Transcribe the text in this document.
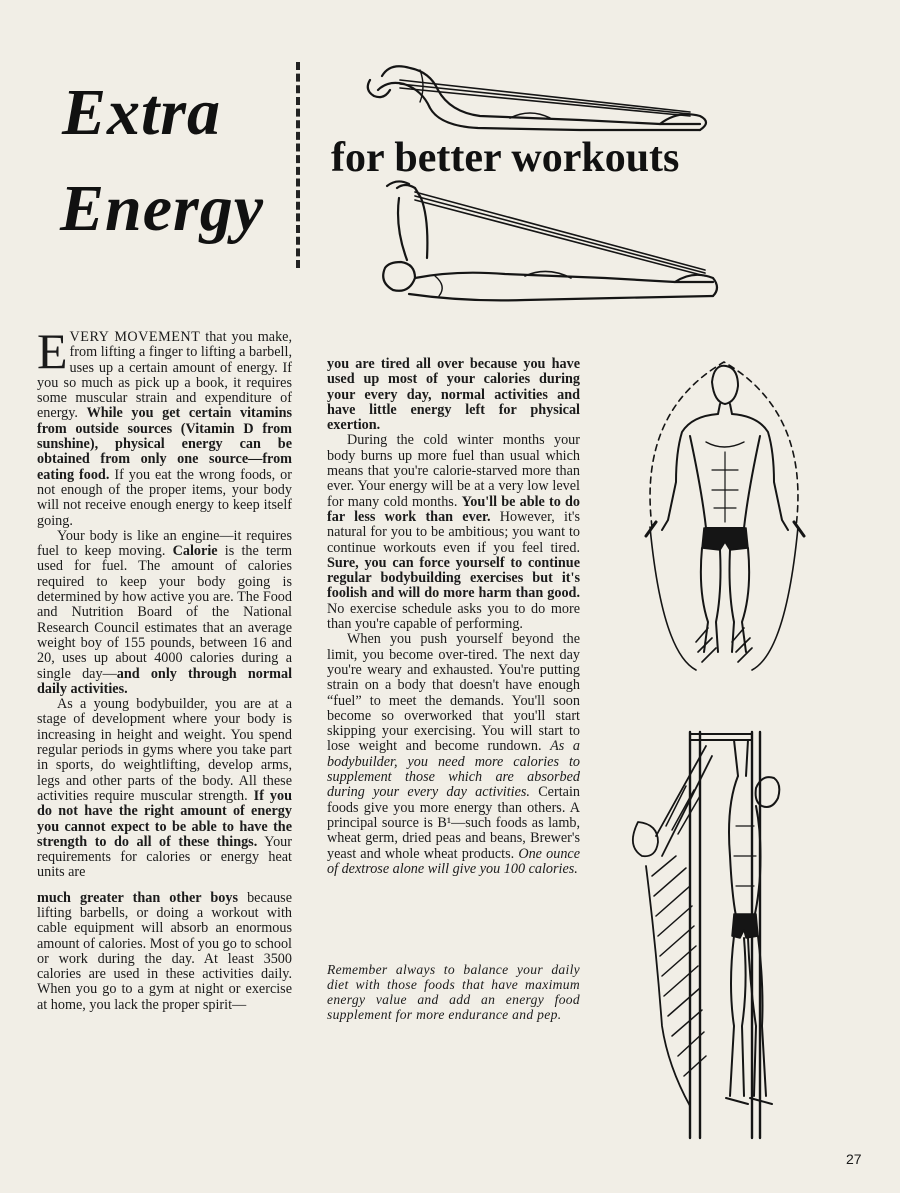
Extra
Energy
for better workouts

EVERY MOVEMENT that you make, from lifting a finger to lifting a barbell, uses up a certain amount of energy. If you so much as pick up a book, it requires some muscular strain and expenditure of energy. While you get certain vitamins from outside sources (Vitamin D from sunshine), physical energy can be obtained from only one source—from eating food. If you eat the wrong foods, or not enough of the proper items, your body will not receive enough energy to keep itself going.

Your body is like an engine—it requires fuel to keep moving. Calorie is the term used for fuel. The amount of calories required to keep your body going is determined by how active you are. The Food and Nutrition Board of the National Research Council estimates that an average weight boy of 155 pounds, between 16 and 20, uses up about 4000 calories during a single day—and only through normal daily activities.

As a young bodybuilder, you are at a stage of development where your body is increasing in height and weight. You spend regular periods in gyms where you take part in sports, do weightlifting, develop arms, legs and other parts of the body. All these activities require muscular strength. If you do not have the right amount of energy you cannot expect to be able to have the strength to do all of these things. Your requirements for calories or energy heat units are

much greater than other boys because lifting barbells, or doing a workout with cable equipment will absorb an enormous amount of calories. Most of you go to school or work during the day. At least 3500 calories are used in these activities daily. When you go to a gym at night or exercise at home, you lack the proper spirit—

you are tired all over because you have used up most of your calories during your every day, normal activities and have little energy left for physical exertion.

During the cold winter months your body burns up more fuel than usual which means that you're calorie-starved more than ever. Your energy will be at a very low level for many cold months. You'll be able to do far less work than ever. However, it's natural for you to be ambitious; you want to continue workouts even if you feel tired. Sure, you can force yourself to continue regular bodybuilding exercises but it's foolish and will do more harm than good. No exercise schedule asks you to do more than you're capable of performing.

When you push yourself beyond the limit, you become over-tired. The next day you're weary and exhausted. You're putting strain on a body that doesn't have enough “fuel” to meet the demands. You'll soon become so overworked that you'll start skipping your exercising. You will start to lose weight and become rundown. As a bodybuilder, you need more calories to supplement those which are absorbed during your every day activities. Certain foods give you more energy than others. A principal source is B¹—such foods as lamb, wheat germ, dried peas and beans, Brewer's yeast and whole wheat products. One ounce of dextrose alone will give you 100 calories.

Remember always to balance your daily diet with those foods that have maximum energy value and add an energy food supplement for more endurance and pep.
27
